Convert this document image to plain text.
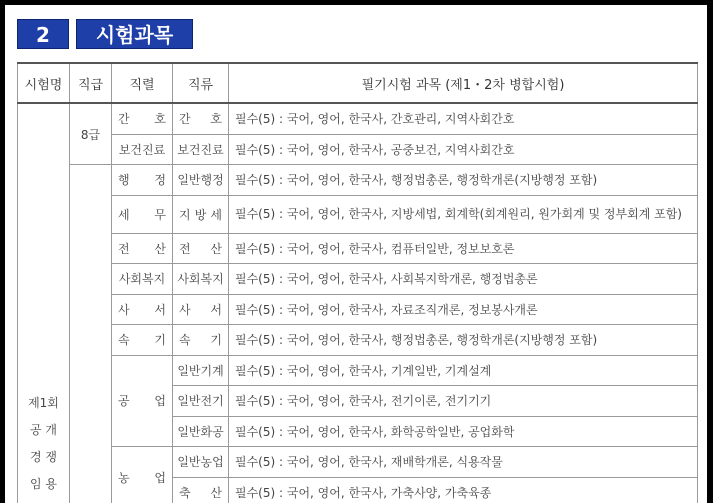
2	시험과목
시험명	직급	직렬	직류	필기시험 과목 (제1・2차 병합시험)

제1회
공 개
경 쟁
임 용	8급	간 호	간 호	필수(5) : 국어, 영어, 한국사, 간호관리, 지역사회간호
		보건진료	보건진료	필수(5) : 국어, 영어, 한국사, 공중보건, 지역사회간호
		행 정	일반행정	필수(5) : 국어, 영어, 한국사, 행정법총론, 행정학개론(지방행정 포함)
		세 무	지 방 세	필수(5) : 국어, 영어, 한국사, 지방세법, 회계학(회계원리, 원가회계 및 정부회계 포함)
		전 산	전 산	필수(5) : 국어, 영어, 한국사, 컴퓨터일반, 정보보호론
		사회복지	사회복지	필수(5) : 국어, 영어, 한국사, 사회복지학개론, 행정법총론
		사 서	사 서	필수(5) : 국어, 영어, 한국사, 자료조직개론, 정보봉사개론
		속 기	속 기	필수(5) : 국어, 영어, 한국사, 행정법총론, 행정학개론(지방행정 포함)
		공 업	일반기계	필수(5) : 국어, 영어, 한국사, 기계일반, 기계설계
			일반전기	필수(5) : 국어, 영어, 한국사, 전기이론, 전기기기
			일반화공	필수(5) : 국어, 영어, 한국사, 화학공학일반, 공업화학
		농 업	일반농업	필수(5) : 국어, 영어, 한국사, 재배학개론, 식용작물
			축 산	필수(5) : 국어, 영어, 한국사, 가축사양, 가축육종
